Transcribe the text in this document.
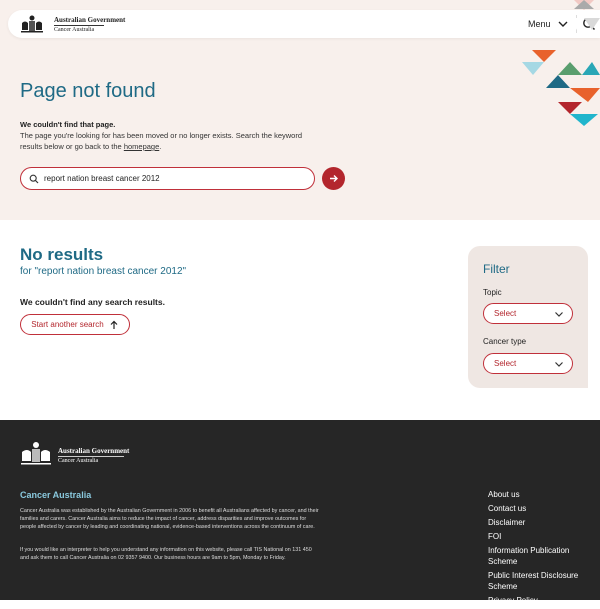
Australian Government
Cancer Australia
Menu
Page not found
We couldn't find that page.

The page you're looking for has been moved or no longer exists. Search the keyword results below or go back to the homepage.

report nation breast cancer 2012
No results
for "report nation breast cancer 2012"
We couldn't find any search results.
Start another search
Filter
Topic
Select
Cancer type
Select
Australian Government
Cancer Australia
Cancer Australia

Cancer Australia was established by the Australian Government in 2006 to benefit all Australians affected by cancer, and their families and carers. Cancer Australia aims to reduce the impact of cancer, address disparities and improve outcomes for people affected by cancer by leading and coordinating national, evidence-based interventions across the continuum of care.

If you would like an interpreter to help you understand any information on this website, please call TIS National on 131 450 and ask them to call Cancer Australia on 02 9357 9400. Our business hours are 9am to 5pm, Monday to Friday.

About us
Contact us
Disclaimer
FOI
Information Publication Scheme
Public Interest Disclosure Scheme
Privacy Policy
